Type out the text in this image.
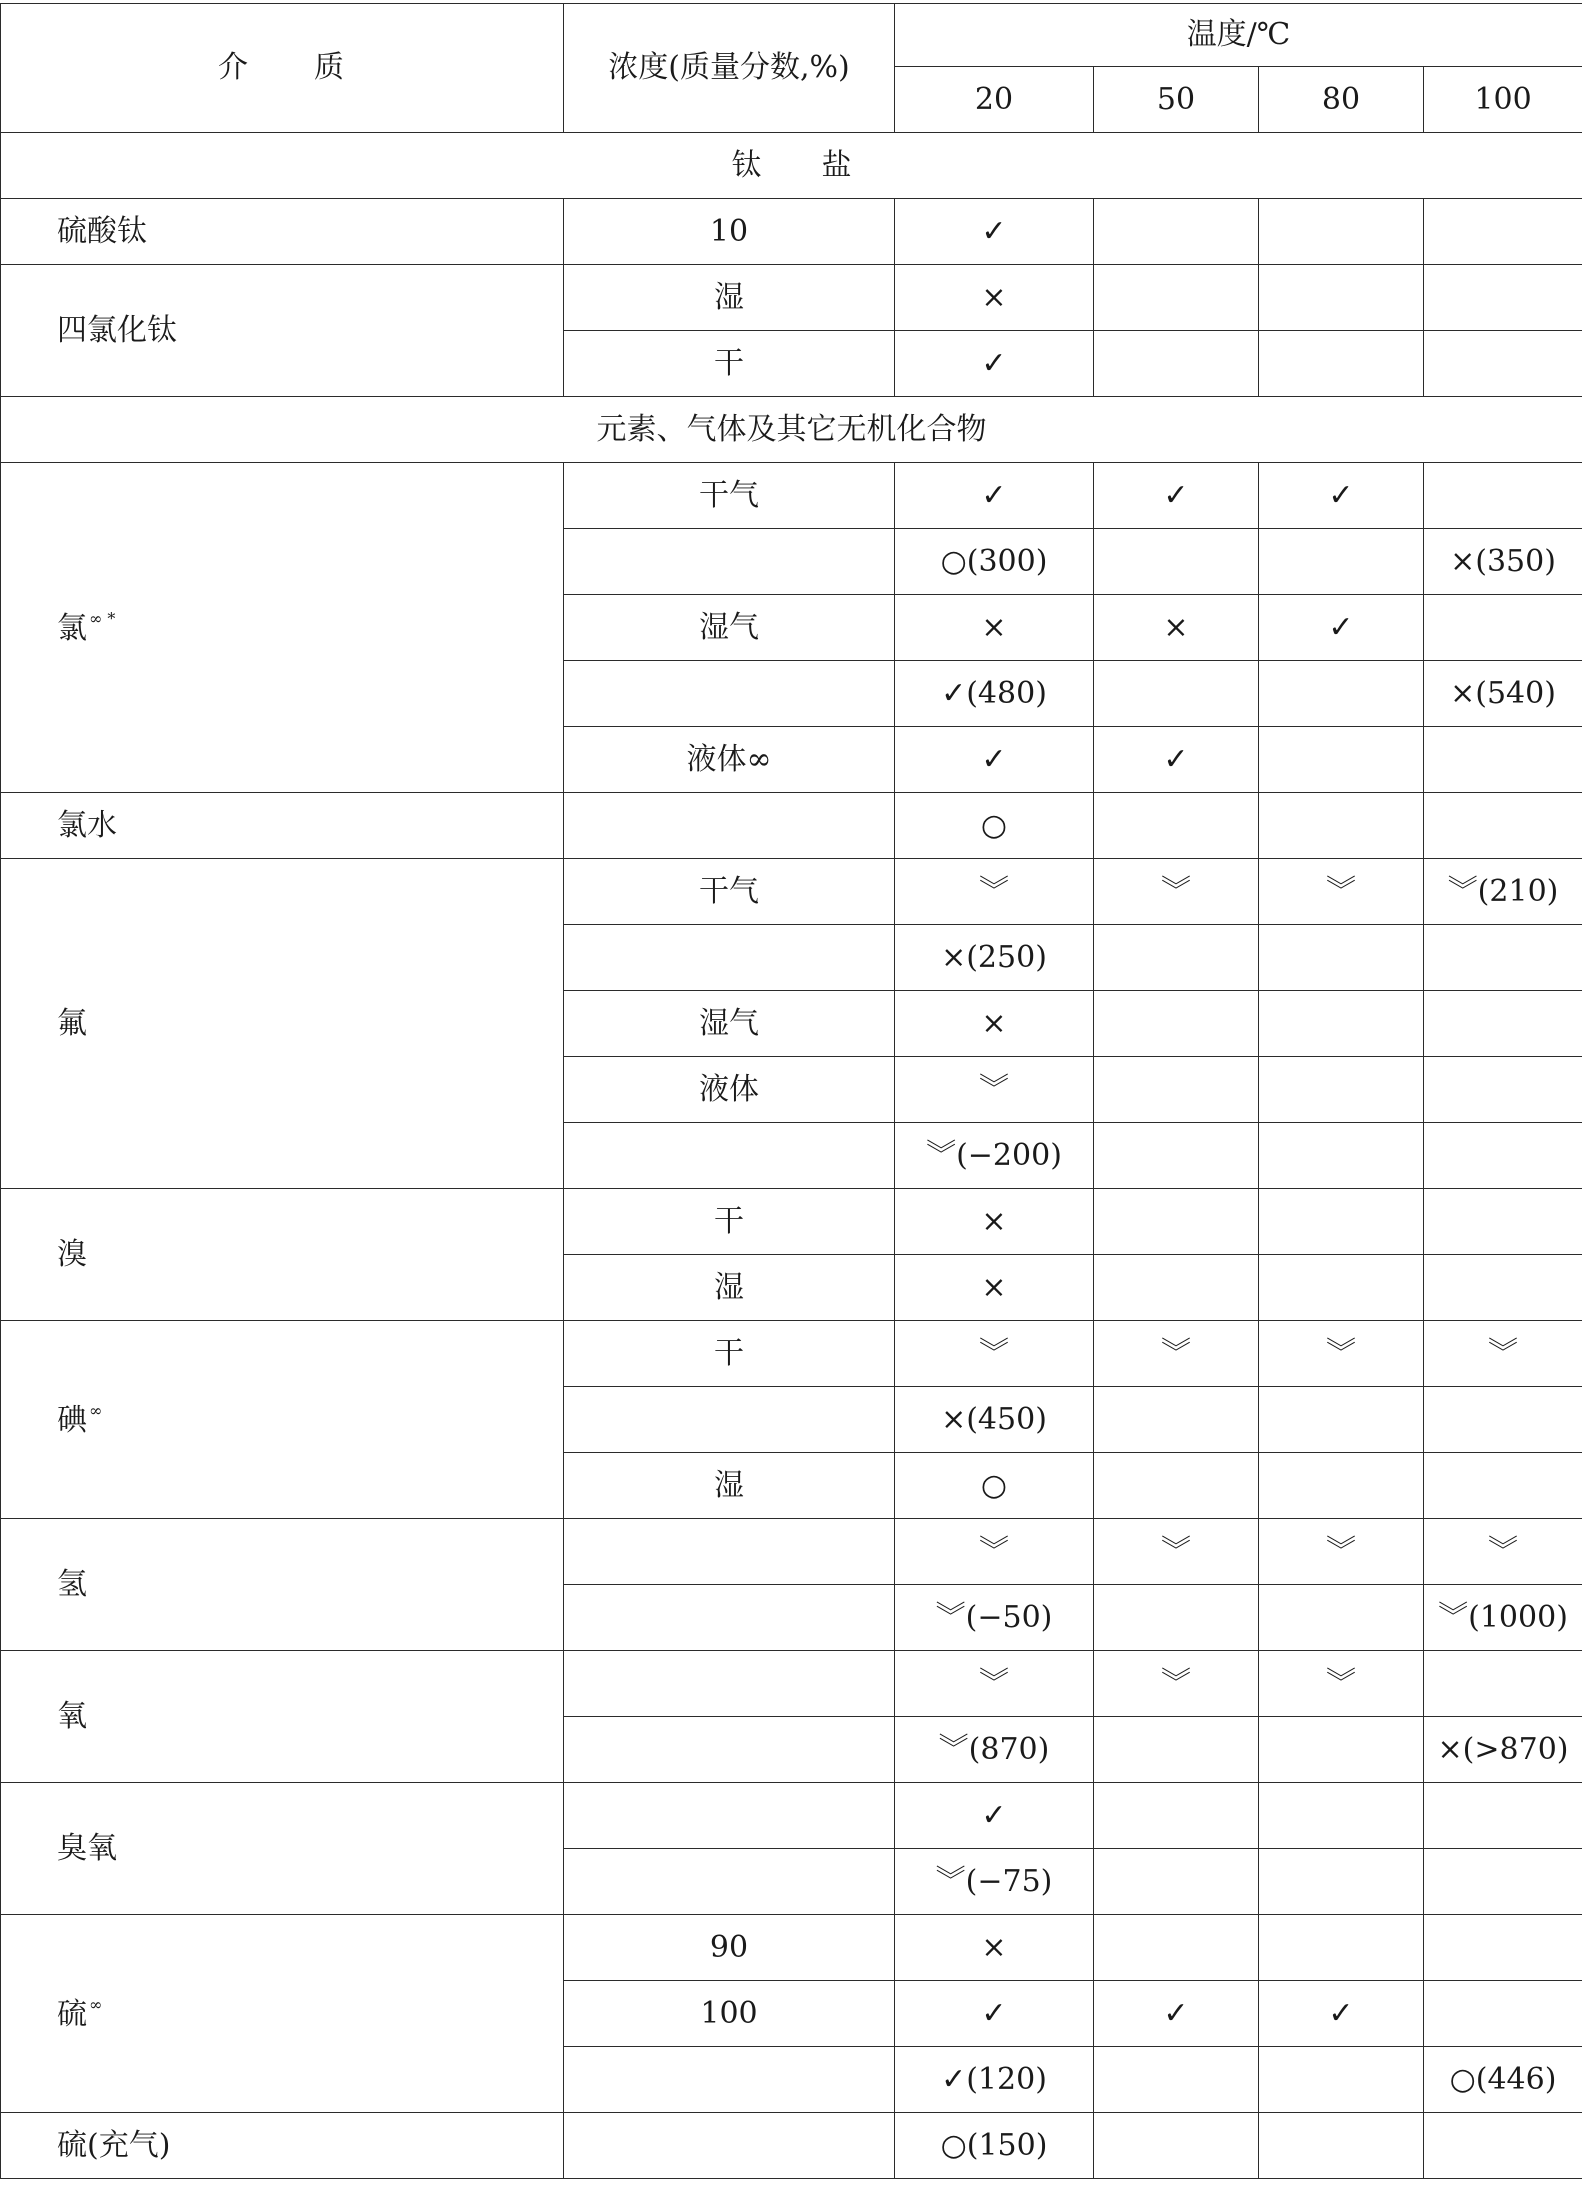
介　　质	浓度(质量分数,%)	温度/℃			
		20	50	80	100
钛　　盐					
硫酸钛	10	✓			
四氯化钛	湿	×			
	干	✓			
元素、气体及其它无机化合物					
氯 ∞ *	干气	✓	✓	✓	
		○(300)			×(350)
	湿气	×	×	✓	
		✓(480)			×(540)
	液体∞	✓	✓		
氯水		○			
氟	干气	︾	︾	︾	︾(210)
		×(250)			
	湿气	×			
	液体	︾			
		︾(−200)			
溴	干	×			
	湿	×			
碘 ∞	干	︾	︾	︾	︾
		×(450)			
	湿	○			
氢		︾	︾	︾	︾
		︾(−50)			︾(1000)
氧		︾	︾	︾	
		︾(870)			×(>870)
臭氧		✓			
		︾(−75)			
硫 ∞	90	×			
	100	✓	✓	✓	
		✓(120)			○(446)
硫(充气)		○(150)			
